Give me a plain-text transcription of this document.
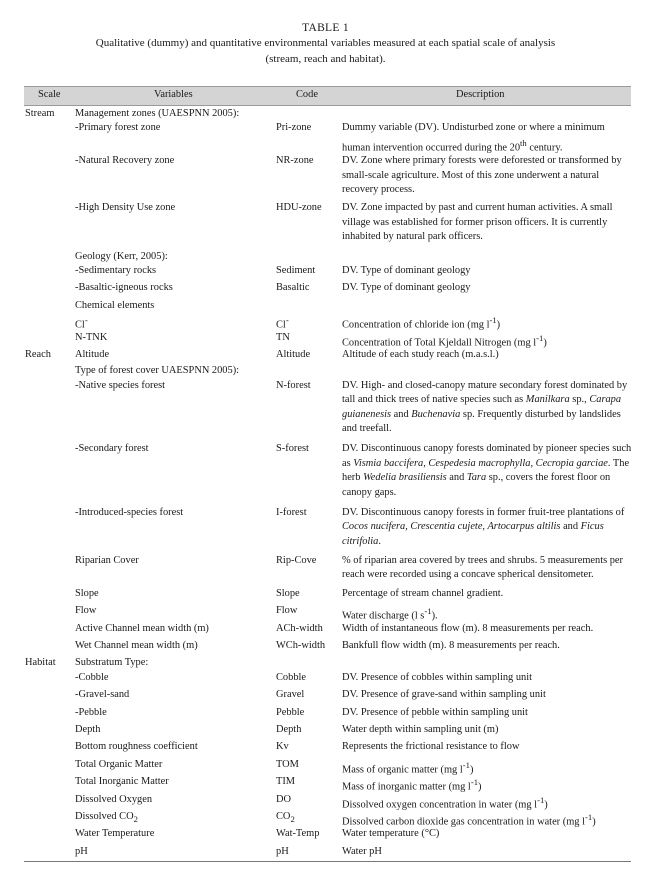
TABLE 1
Qualitative (dummy) and quantitative environmental variables measured at each spatial scale of analysis (stream, reach and habitat).
Scale	Variables	Code	Description
Stream	Management zones (UAESPNN 2005):
-Primary forest zone	Pri-zone	Dummy variable (DV). Undisturbed zone or where a minimum human intervention occurred during the 20th century.
-Natural Recovery zone	NR-zone	DV. Zone where primary forests were deforested or transformed by small-scale agriculture. Most of this zone underwent a natural recovery process.
-High Density Use zone	HDU-zone	DV. Zone impacted by past and current human activities. A small village was established for former prison officers. It is currently inhabited by natural park officers.
Geology (Kerr, 2005):
-Sedimentary rocks	Sediment	DV. Type of dominant geology
-Basaltic-igneous rocks	Basaltic	DV. Type of dominant geology
Chemical elements
Cl-	Cl-	Concentration of chloride ion (mg $l^{-1}$)
N-TNK	TN	Concentration of Total Kjeldall Nitrogen (mg $l^{-1}$)
Reach	Altitude	Altitude	Altitude of each study reach (m.a.s.l.)
Type of forest cover UAESPNN 2005):
-Native species forest	N-forest	DV. High- and closed-canopy mature secondary forest dominated by tall and thick trees of native species such as Manilkara sp., Carapa guianenesis and Buchenavia sp. Frequently disturbed by landslides and treefall.
-Secondary forest	S-forest	DV. Discontinuous canopy forests dominated by pioneer species such as Vismia baccifera, Cespedesia macrophylla, Cecropia garciae. The herb Wedelia brasiliensis and Tara sp., covers the forest floor on canopy gaps.
-Introduced-species forest	I-forest	DV. Discontinuous canopy forests in former fruit-tree plantations of Cocos nucifera, Crescentia cujete, Artocarpus altilis and Ficus citrifolia.
Riparian Cover	Rip-Cove	% of riparian area covered by trees and shrubs. 5 measurements per reach were recorded using a concave spherical densitometer.
Slope	Slope	Percentage of stream channel gradient.
Flow	Flow	Water discharge (l $s^{-1}$).
Active Channel mean width (m)	ACh-width	Width of instantaneous flow (m). 8 measurements per reach.
Wet Channel mean width (m)	WCh-width	Bankfull flow width (m). 8 measurements per reach.
Habitat	Substratum Type:
-Cobble	Cobble	DV. Presence of cobbles within sampling unit
-Gravel-sand	Gravel	DV. Presence of grave-sand within sampling unit
-Pebble	Pebble	DV. Presence of pebble within sampling unit
Depth	Depth	Water depth within sampling unit (m)
Bottom roughness coefficient	Kv	Represents the frictional resistance to flow
Total Organic Matter	TOM	Mass of organic matter (mg $l^{-1}$)
Total Inorganic Matter	TIM	Mass of inorganic matter (mg $l^{-1}$)
Dissolved Oxygen	DO	Dissolved oxygen concentration in water (mg $l^{-1}$)
Dissolved $CO_2$	$CO_2$	Dissolved carbon dioxide gas concentration in water (mg $l^{-1}$)
Water Temperature	Wat-Temp	Water temperature (°C)
pH	pH	Water pH
